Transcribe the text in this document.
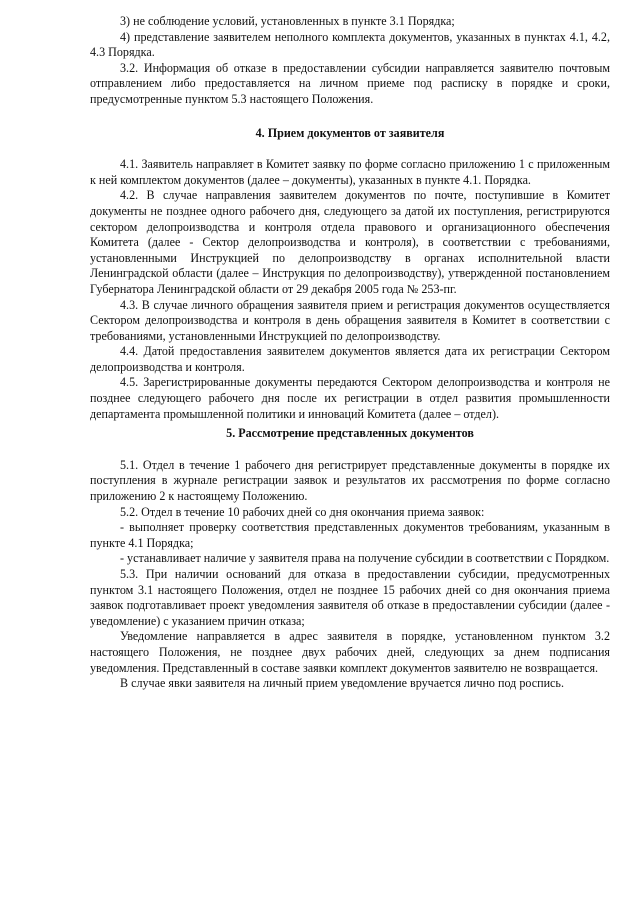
3) не соблюдение условий, установленных в пункте 3.1 Порядка;

4) представление заявителем неполного комплекта документов, указанных в пунктах 4.1, 4.2, 4.3 Порядка.

3.2. Информация об отказе в предоставлении субсидии направляется заявителю почтовым отправлением либо предоставляется на личном приеме под расписку в порядке и сроки, предусмотренные пунктом 5.3 настоящего Положения.

4. Прием документов от заявителя

4.1. Заявитель направляет в Комитет заявку по форме согласно приложению 1 с приложенным к ней комплектом документов (далее – документы), указанных в пункте 4.1. Порядка.

4.2. В случае направления заявителем документов по почте, поступившие в Комитет документы не позднее одного рабочего дня, следующего за датой их поступления, регистрируются сектором делопроизводства и контроля отдела правового и организационного обеспечения Комитета (далее - Сектор делопроизводства и контроля), в соответствии с требованиями, установленными Инструкцией по делопроизводству в органах исполнительной власти Ленинградской области (далее – Инструкция по делопроизводству), утвержденной постановлением Губернатора Ленинградской области от 29 декабря 2005 года № 253-пг.

4.3. В случае личного обращения заявителя прием и регистрация документов осуществляется Сектором делопроизводства и контроля в день обращения заявителя в Комитет в соответствии с требованиями, установленными Инструкцией по делопроизводству.

4.4. Датой предоставления заявителем документов является дата их регистрации Сектором делопроизводства и контроля.

4.5. Зарегистрированные документы передаются Сектором делопроизводства и контроля не позднее следующего рабочего дня после их регистрации в отдел развития промышленности департамента промышленной политики и инноваций Комитета (далее – отдел).

5. Рассмотрение представленных документов

5.1. Отдел в течение 1 рабочего дня регистрирует представленные документы в порядке их поступления в журнале регистрации заявок и результатов их рассмотрения по форме согласно приложению 2 к настоящему Положению.

5.2. Отдел в течение 10 рабочих дней со дня окончания приема заявок:

- выполняет проверку соответствия представленных документов требованиям, указанным в пункте 4.1 Порядка;

- устанавливает наличие у заявителя права на получение субсидии в соответствии с Порядком.

5.3. При наличии оснований для отказа в предоставлении субсидии, предусмотренных пунктом 3.1 настоящего Положения, отдел не позднее 15 рабочих дней со дня окончания приема заявок подготавливает проект уведомления заявителя об отказе в предоставлении субсидии (далее - уведомление) с указанием причин отказа;

Уведомление направляется в адрес заявителя в порядке, установленном пунктом 3.2 настоящего Положения, не позднее двух рабочих дней, следующих за днем подписания уведомления. Представленный в составе заявки комплект документов заявителю не возвращается.

В случае явки заявителя на личный прием уведомление вручается лично под роспись.
